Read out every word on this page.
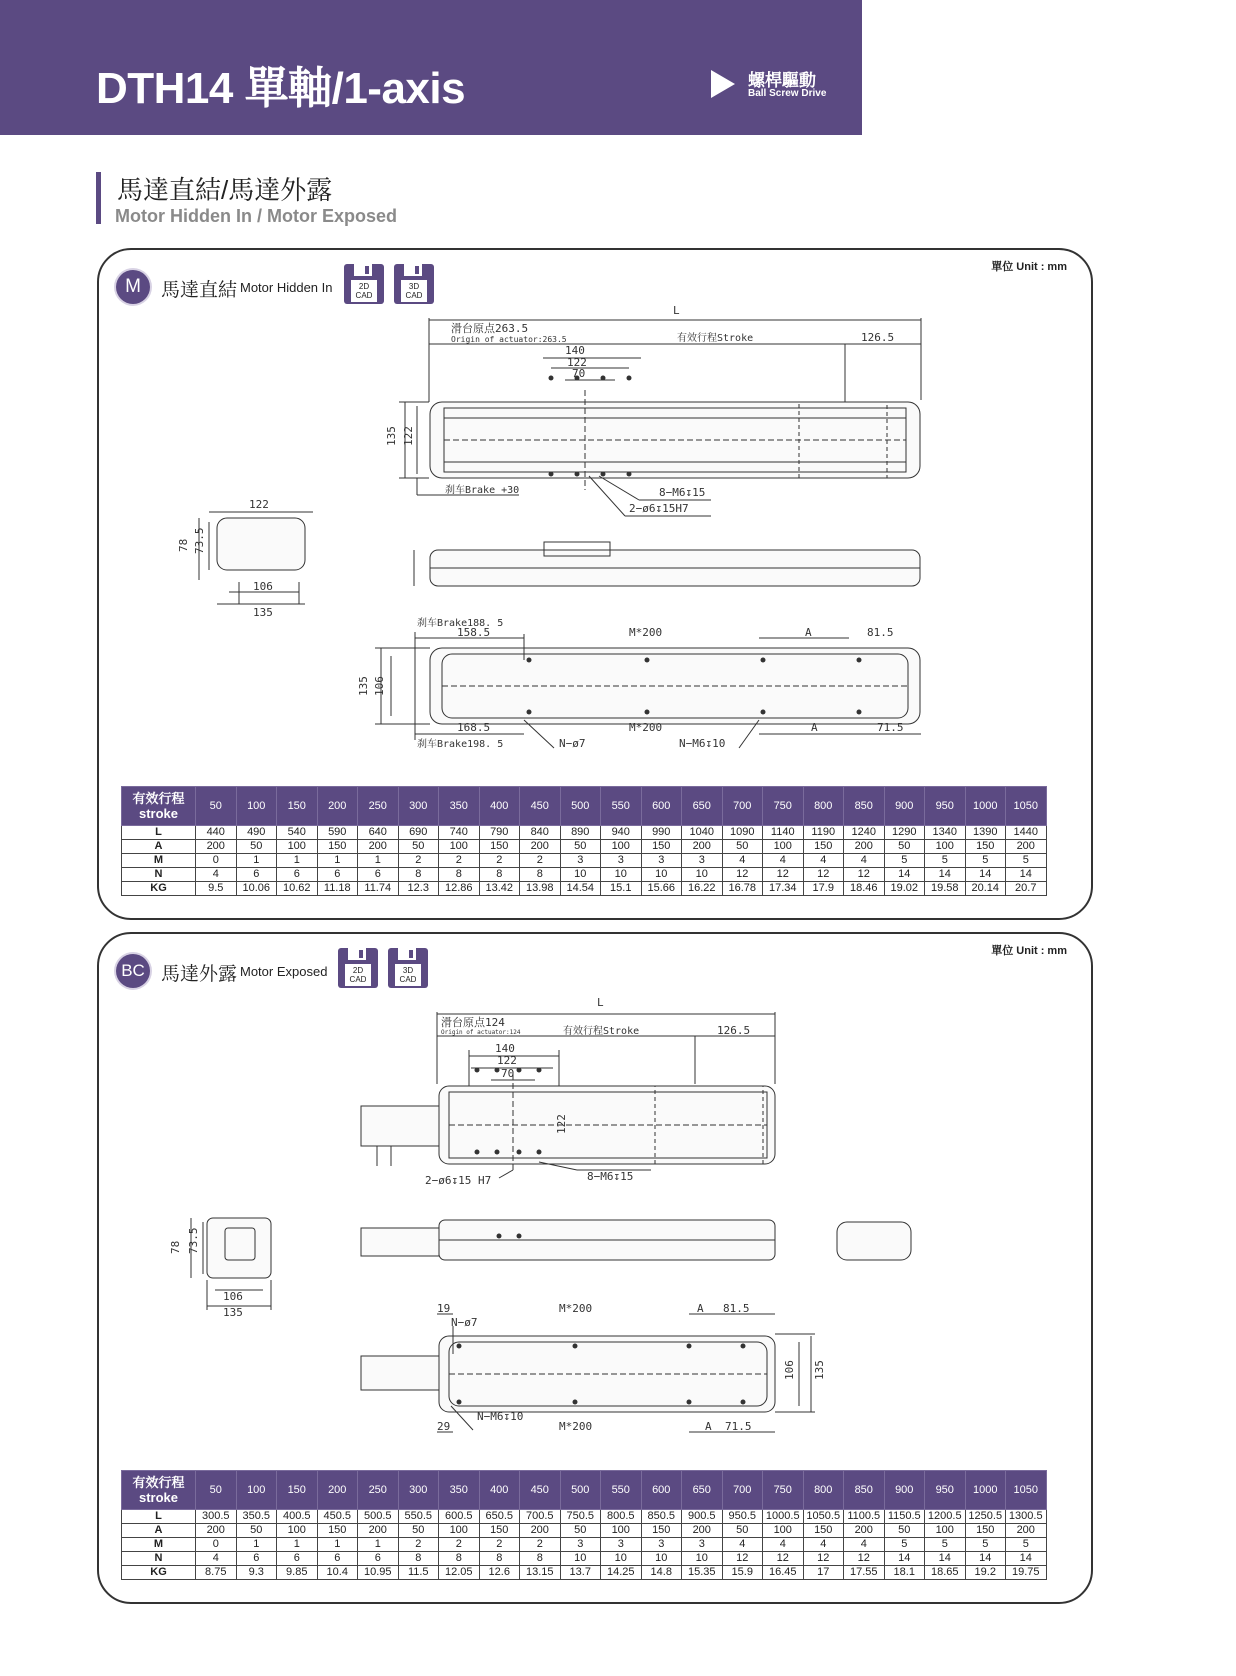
DTH14 單軸/1-axis	螺桿驅動
Ball Screw Drive
馬達直結/馬達外露
Motor Hidden In / Motor Exposed
單位 Unit : mm
M	馬達直結 Motor Hidden In	2D CAD
3D CAD
L
滑台原点263.5
Origin of actuator:263.5	有效行程Stroke	126.5
140
122
70
135 122
刹车Brake +30	8−M6↧15
2−ø6↧15H7
122
78 73.5
106
135
刹车Brake188. 5
158.5	M*200	A	81.5
135 106
168.5	M*200	A	71.5
刹车Brake198. 5	N−ø7	N−M6↧10
有效行程
stroke	50	100	150	200	250	300	350	400	450	500	550	600	650	700	750	800	850	900	950	1000	1050
L	440	490	540	590	640	690	740	790	840	890	940	990	1040	1090	1140	1190	1240	1290	1340	1390	1440
A	200	50	100	150	200	50	100	150	200	50	100	150	200	50	100	150	200	50	100	150	200
M	0	1	1	1	1	2	2	2	2	3	3	3	3	4	4	4	4	5	5	5	5
N	4	6	6	6	6	8	8	8	8	10	10	10	10	12	12	12	12	14	14	14	14
KG	9.5	10.06	10.62	11.18	11.74	12.3	12.86	13.42	13.98	14.54	15.1	15.66	16.22	16.78	17.34	17.9	18.46	19.02	19.58	20.14	20.7
單位 Unit : mm
BC 馬達外露 Motor Exposed	2D CAD
3D CAD
L
滑台原点124
Origin of actuator:124	有效行程Stroke	126.5
140
122
70
122
2−ø6↧15 H7	8−M6↧15
78 73.5
106
135	19
N−ø7
M*200	A 81.5
106 135
N−M6↧10
29	M*200	A 71.5
有效行程
stroke	50	100	150	200	250	300	350	400	450	500	550	600	650	700	750	800	850	900	950	1000	1050
L	300.5	350.5	400.5	450.5	500.5	550.5	600.5	650.5	700.5	750.5	800.5	850.5	900.5	950.5	1000.5	1050.5	1100.5	1150.5	1200.5	1250.5	1300.5
A	200	50	100	150	200	50	100	150	200	50	100	150	200	50	100	150	200	50	100	150	200
M	0	1	1	1	1	2	2	2	2	3	3	3	3	4	4	4	4	5	5	5	5
N	4	6	6	6	6	8	8	8	8	10	10	10	10	12	12	12	12	14	14	14	14
KG	8.75	9.3	9.85	10.4	10.95	11.5	12.05	12.6	13.15	13.7	14.25	14.8	15.35	15.9	16.45	17	17.55	18.1	18.65	19.2	19.75
